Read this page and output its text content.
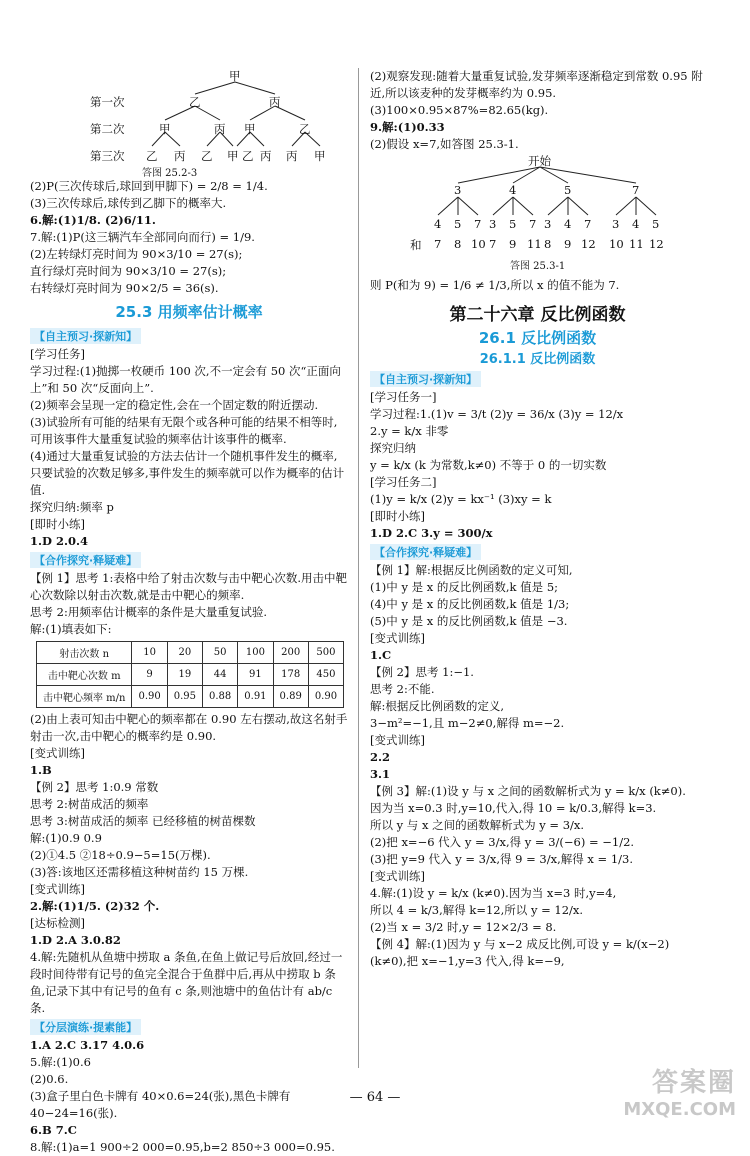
甲
第一次
第二次
第三次
乙	丙
甲	丙 甲	乙
乙 丙 乙 甲 乙 丙 丙 甲
答图 25.2-3

(2)P(三次传球后,球回到甲脚下) = 2/8 = 1/4.

(3)三次传球后,球传到乙脚下的概率大.

6.解:(1)1/8. (2)6/11.

7.解:(1)P(这三辆汽车全部同向而行) = 1/9.

(2)左转绿灯亮时间为 90×3/10 = 27(s);

直行绿灯亮时间为 90×3/10 = 27(s);

右转绿灯亮时间为 90×2/5 = 36(s).

25.3 用频率估计概率
【自主预习·探新知】

[学习任务]

学习过程:(1)抛掷一枚硬币 100 次,不一定会有 50 次“正面向上”和 50 次“反面向上”.

(2)频率会呈现一定的稳定性,会在一个固定数的附近摆动.

(3)试验所有可能的结果有无限个或各种可能的结果不相等时,可用该事件大量重复试验的频率估计该事件的概率.

(4)通过大量重复试验的方法去估计一个随机事件发生的概率,只要试验的次数足够多,事件发生的频率就可以作为概率的估计值.

探究归纳:频率 p

[即时小练]

1.D 2.0.4

【合作探究·释疑难】

【例 1】思考 1:表格中给了射击次数与击中靶心次数.用击中靶心次数除以射击次数,就是击中靶心的频率.

思考 2:用频率估计概率的条件是大量重复试验.

解:(1)填表如下:

射击次数 n	10	20	50	100	200	500
击中靶心次数 m	9	19	44	91	178	450
击中靶心频率 m/n	0.90	0.95	0.88	0.91	0.89	0.90

(2)由上表可知击中靶心的频率都在 0.90 左右摆动,故这名射手射击一次,击中靶心的概率约是 0.90.

[变式训练]

1.B

【例 2】思考 1:0.9 常数

思考 2:树苗成活的频率

思考 3:树苗成活的频率 已经移植的树苗棵数

解:(1)0.9 0.9

(2)①4.5 ②18÷0.9−5=15(万棵).

(3)答:该地区还需移植这种树苗约 15 万棵.

[变式训练]

2.解:(1)1/5. (2)32 个.

[达标检测]

1.D 2.A 3.0.82

4.解:先随机从鱼塘中捞取 a 条鱼,在鱼上做记号后放回,经过一段时间待带有记号的鱼完全混合于鱼群中后,再从中捞取 b 条鱼,记录下其中有记号的鱼有 c 条,则池塘中的鱼估计有 ab/c 条.

【分层演练·提素能】

1.A 2.C 3.17 4.0.6

5.解:(1)0.6

(2)0.6.

(3)盒子里白色卡牌有 40×0.6=24(张),黑色卡牌有 40−24=16(张).

6.B 7.C

8.解:(1)a=1 900÷2 000=0.95,b=2 850÷3 000=0.95.

(2)观察发现:随着大量重复试验,发芽频率逐渐稳定到常数 0.95 附近,所以该麦种的发芽概率约为 0.95.

(3)100×0.95×87%=82.65(kg).

9.解:(1)0.33

(2)假设 x=7,如答图 25.3-1.

开始
3	4	5	7
4 5 7 3 5 7 3 4 7 3 4 5
和 7 8 10 7 9 11 8 9 12 10 11 12
答图 25.3-1

则 P(和为 9) = 1/6 ≠ 1/3,所以 x 的值不能为 7.

第二十六章 反比例函数
26.1 反比例函数
26.1.1 反比例函数
【自主预习·探新知】

[学习任务一]

学习过程:1.(1)v = 3/t (2)y = 36/x (3)y = 12/x

2.y = k/x 非零

探究归纳

y = k/x (k 为常数,k≠0) 不等于 0 的一切实数

[学习任务二]

(1)y = k/x (2)y = kx⁻¹ (3)xy = k

[即时小练]

1.D 2.C 3.y = 300/x

【合作探究·释疑难】

【例 1】解:根据反比例函数的定义可知,

(1)中 y 是 x 的反比例函数,k 值是 5;

(4)中 y 是 x 的反比例函数,k 值是 1/3;

(5)中 y 是 x 的反比例函数,k 值是 −3.

[变式训练]

1.C

【例 2】思考 1:−1.

思考 2:不能.

解:根据反比例函数的定义,

3−m²=−1,且 m−2≠0,解得 m=−2.

[变式训练]

2.2

3.1

【例 3】解:(1)设 y 与 x 之间的函数解析式为 y = k/x (k≠0).

因为当 x=0.3 时,y=10,代入,得 10 = k/0.3,解得 k=3.

所以 y 与 x 之间的函数解析式为 y = 3/x.

(2)把 x=−6 代入 y = 3/x,得 y = 3/(−6) = −1/2.

(3)把 y=9 代入 y = 3/x,得 9 = 3/x,解得 x = 1/3.

[变式训练]

4.解:(1)设 y = k/x (k≠0).因为当 x=3 时,y=4,

所以 4 = k/3,解得 k=12,所以 y = 12/x.

(2)当 x = 3/2 时,y = 12×2/3 = 8.

【例 4】解:(1)因为 y 与 x−2 成反比例,可设 y = k/(x−2) (k≠0),把 x=−1,y=3 代入,得 k=−9,

— 64 —	答案圈
MXQE.COM
